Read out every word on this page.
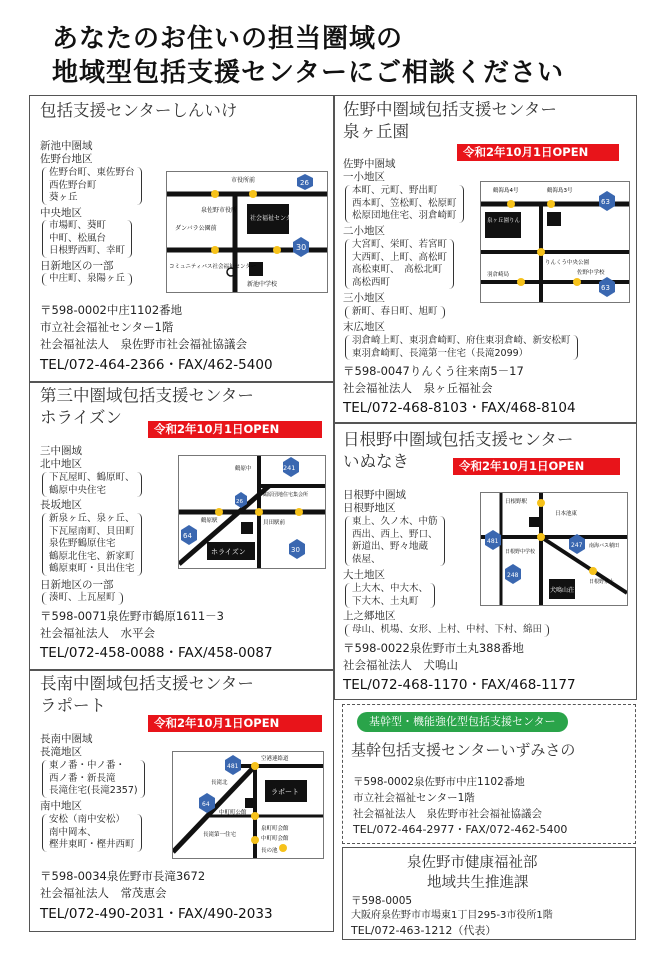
あなたのお住いの担当圏域の
地域型包括支援センターにご相談ください
包括支援センターしんいけ
新池中圏域
佐野台地区
佐野台町、東佐野台
西佐野台町
葵ヶ丘
中央地区
市場町、葵町
中町、松風台
日根野西町、幸町
日新地区の一部
中庄町、泉陽ヶ丘
市役所前
泉佐野市役所
社会福祉センター
ダンバラ公園前
コミュニティバス社会福祉センター
新池中学校
26
30
〒598-0002中庄1102番地
市立社会福祉センター1階
社会福祉法人　泉佐野市社会福祉協議会
TEL/072-464-2366・FAX/462-5400
佐野中圏域包括支援センター
泉ヶ丘園
令和2年10月1日OPEN
佐野中圏域
一小地区
本町、元町、野出町
西本町、笠松町、松原町
松原団地住宅、羽倉崎町
二小地区
大宮町、栄町、若宮町
大西町、上町、高松町
高松東町、　高松北町
高松西町
三小地区
新町、春日町、旭町
末広地区
羽倉崎上町、東羽倉崎町、府住東羽倉崎、新安松町
東羽倉崎町、長滝第一住宅（長滝2099）
鶴海島4号	鶴海島3号
泉ヶ丘園りんくう
りんくう中央公園
羽倉崎局	佐野中学校
63
63
〒598-0047りんくう往来南5－17
社会福祉法人　泉ヶ丘福祉会
TEL/072-468-8103・FAX/468-8104
第三中圏域包括支援センター
ホライズン
令和2年10月1日OPEN
三中圏域
北中地区
下瓦屋町、鶴原町、
鶴原中央住宅
長坂地区
新泉ヶ丘、泉ヶ丘、
下瓦屋南町、貝田町
泉佐野鶴原住宅
鶴原北住宅、新家町
鶴原東町・貝出住宅
日新地区の一部
湊町、上瓦屋町
鶴原中
鶴原団地住宅集会所
鶴原駅	貝田駅前
ホライズン
241
26
64
30
〒598-0071泉佐野市鶴原1611－3
社会福祉法人　水平会
TEL/072-458-0088・FAX/458-0087
日根野中圏域包括支援センター
いぬなき	令和2年10月1日OPEN
日根野中圏域
日根野地区
東上、久ノ木、中筋
西出、西上、野口、
新道出、野々地蔵
俵屋、
大土地区
上大木、中大木、
下大木、土丸町
上之郷地区
母山、机場、女形、上村、中村、下村、綿田
日根野駅
日本池東
日根野中学校
南海バス積田
日根野泉上
犬鳴山荘
481
247
248
〒598-0022泉佐野市土丸388番地
社会福祉法人　犬鳴山
TEL/072-468-1170・FAX/468-1177
長南中圏域包括支援センター
ラポート
令和2年10月1日OPEN
長南中圏域
長滝地区
東ノ番・中ノ番・
西ノ番・新長滝
長滝住宅(長滝2357)
南中地区
安松（南中安松）
南中岡本、
樫井東町・樫井西町
空港連絡道
長滝北
中町町公館
ラポート
長滝第一住宅
泉町町会館
中町町会館
長の池
481
64
〒598-0034泉佐野市長滝3672
社会福祉法人　常茂恵会
TEL/072-490-2031・FAX/490-2033
基幹型・機能強化型包括支援センター
基幹包括支援センターいずみさの
〒598-0002泉佐野市中庄1102番地
市立社会福祉センター1階
社会福祉法人　泉佐野市社会福祉協議会
TEL/072-464-2977・FAX/072-462-5400
泉佐野市健康福祉部
地域共生推進課
〒598-0005
大阪府泉佐野市市場東1丁目295-3市役所1階
TEL/072-463-1212（代表）
